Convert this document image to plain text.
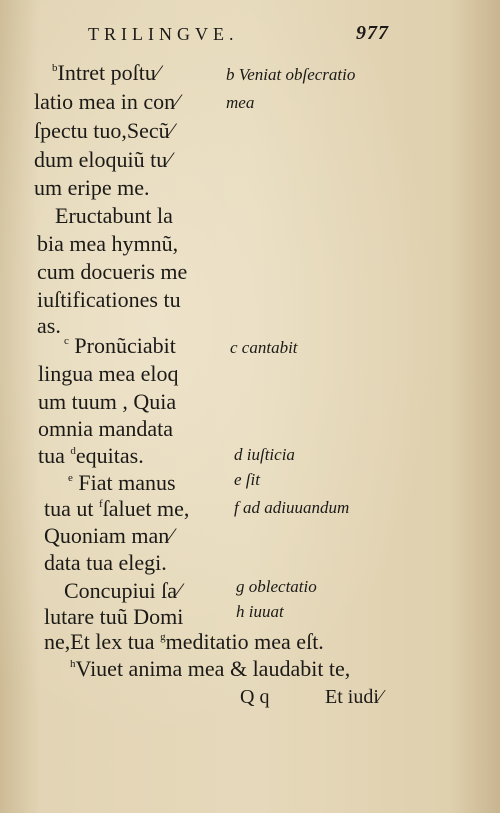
TRILINGVE.	977
$^b$Intret poſtu⁄
latio mea in con⁄
ſpectu tuo,Secũ⁄
dum eloquiũ tu⁄
um eripe me.
Eructabunt la
bia mea hymnũ,
cum docueris me
iuſtificationes tu
as.
$^c$ Pronũciabit
lingua mea eloq
um tuum , Quia
omnia mandata
tua $^d$equitas.
$^e$ Fiat manus
tua ut $^f$ſaluet me,
Quoniam man⁄
data tua elegi.
Concupiui ſa⁄
lutare tuũ Domi
ne,Et lex tua $^g$meditatio mea eſt.
$^h$Viuet anima mea & laudabit te,
b Veniat obſecratio
mea
c cantabit
d iuſticia
e ſit
f ad adiuuandum
g oblectatio
h iuuat
Q q	Et iudi⁄
